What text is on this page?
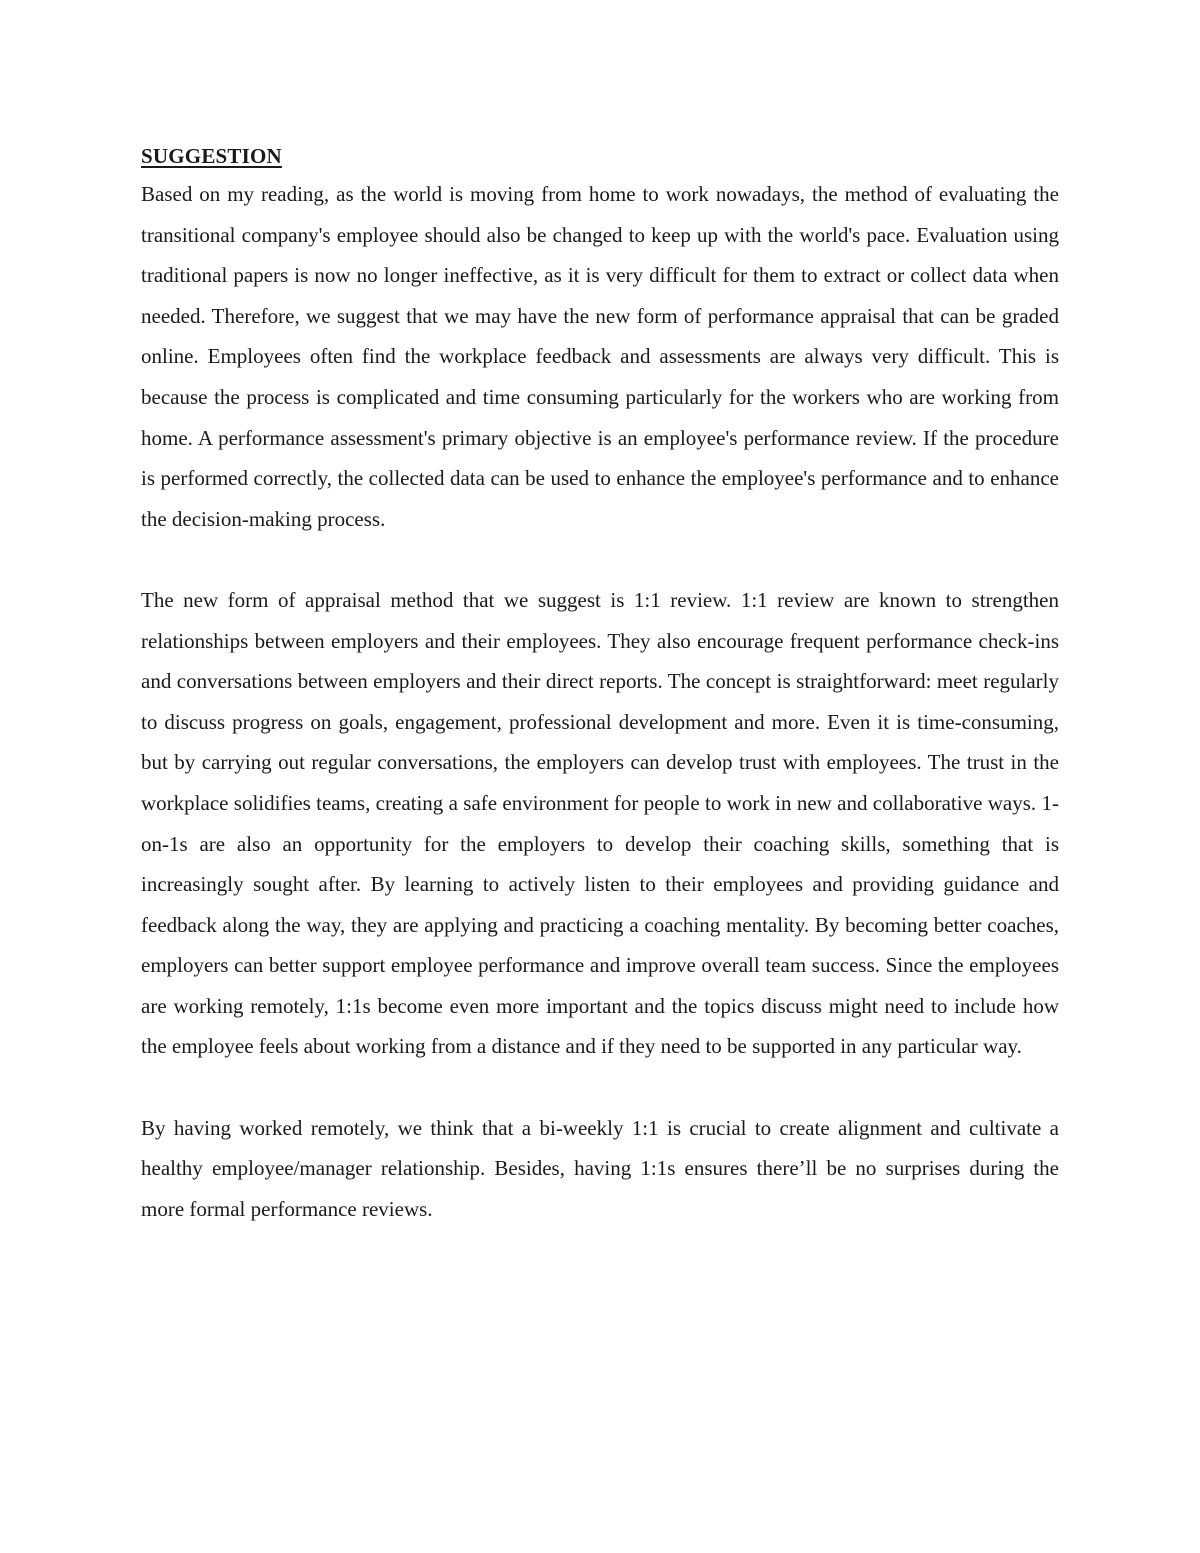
SUGGESTION

Based on my reading, as the world is moving from home to work nowadays, the method of evaluating the transitional company's employee should also be changed to keep up with the world's pace. Evaluation using traditional papers is now no longer ineffective, as it is very difficult for them to extract or collect data when needed. Therefore, we suggest that we may have the new form of performance appraisal that can be graded online. Employees often find the workplace feedback and assessments are always very difficult. This is because the process is complicated and time consuming particularly for the workers who are working from home. A performance assessment's primary objective is an employee's performance review. If the procedure is performed correctly, the collected data can be used to enhance the employee's performance and to enhance the decision-making process.

The new form of appraisal method that we suggest is 1:1 review. 1:1 review are known to strengthen relationships between employers and their employees. They also encourage frequent performance check-ins and conversations between employers and their direct reports. The concept is straightforward: meet regularly to discuss progress on goals, engagement, professional development and more. Even it is time-consuming, but by carrying out regular conversations, the employers can develop trust with employees. The trust in the workplace solidifies teams, creating a safe environment for people to work in new and collaborative ways. 1-on-1s are also an opportunity for the employers to develop their coaching skills, something that is increasingly sought after. By learning to actively listen to their employees and providing guidance and feedback along the way, they are applying and practicing a coaching mentality. By becoming better coaches, employers can better support employee performance and improve overall team success. Since the employees are working remotely, 1:1s become even more important and the topics discuss might need to include how the employee feels about working from a distance and if they need to be supported in any particular way.

By having worked remotely, we think that a bi-weekly 1:1 is crucial to create alignment and cultivate a healthy employee/manager relationship. Besides, having 1:1s ensures there’ll be no surprises during the more formal performance reviews.
